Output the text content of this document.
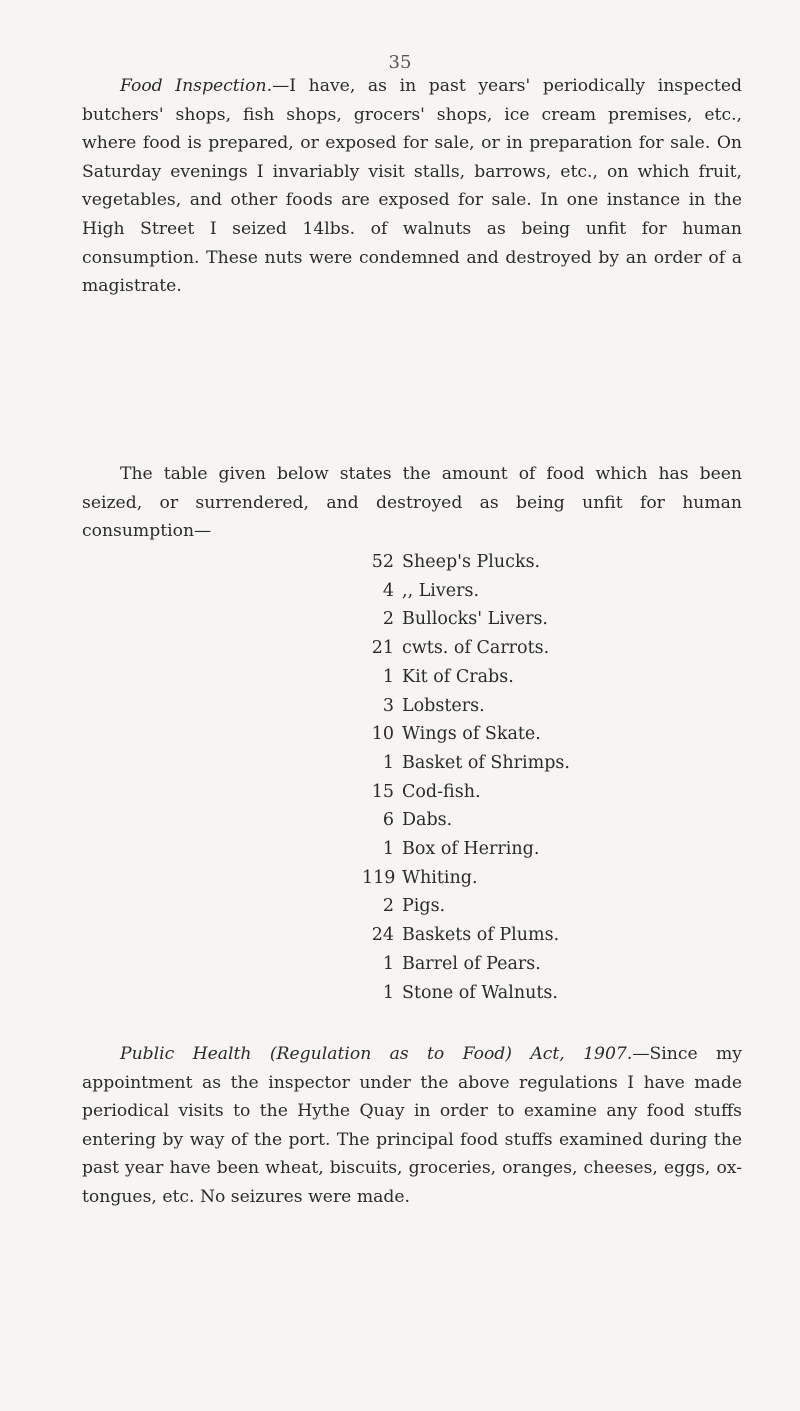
35

Food Inspection.—I have, as in past years' periodically inspected butchers' shops, fish shops, grocers' shops, ice cream premises, etc., where food is prepared, or exposed for sale, or in preparation for sale. On Saturday evenings I invariably visit stalls, barrows, etc., on which fruit, vegetables, and other foods are exposed for sale. In one instance in the High Street I seized 14lbs. of walnuts as being unfit for human consumption. These nuts were condemned and destroyed by an order of a magistrate.

The table given below states the amount of food which has been seized, or surrendered, and destroyed as being unfit for human consumption—

52 Sheep's Plucks.
4 ,, Livers.
2 Bullocks' Livers.
21 cwts. of Carrots.
1 Kit of Crabs.
3 Lobsters.
10 Wings of Skate.
1 Basket of Shrimps.
15 Cod-fish.
6 Dabs.
1 Box of Herring.
119 Whiting.
2 Pigs.
24 Baskets of Plums.
1 Barrel of Pears.
1 Stone of Walnuts.

Public Health (Regulation as to Food) Act, 1907.—Since my appointment as the inspector under the above regulations I have made periodical visits to the Hythe Quay in order to examine any food stuffs entering by way of the port. The principal food stuffs examined during the past year have been wheat, biscuits, groceries, oranges, cheeses, eggs, ox-tongues, etc. No seizures were made.
